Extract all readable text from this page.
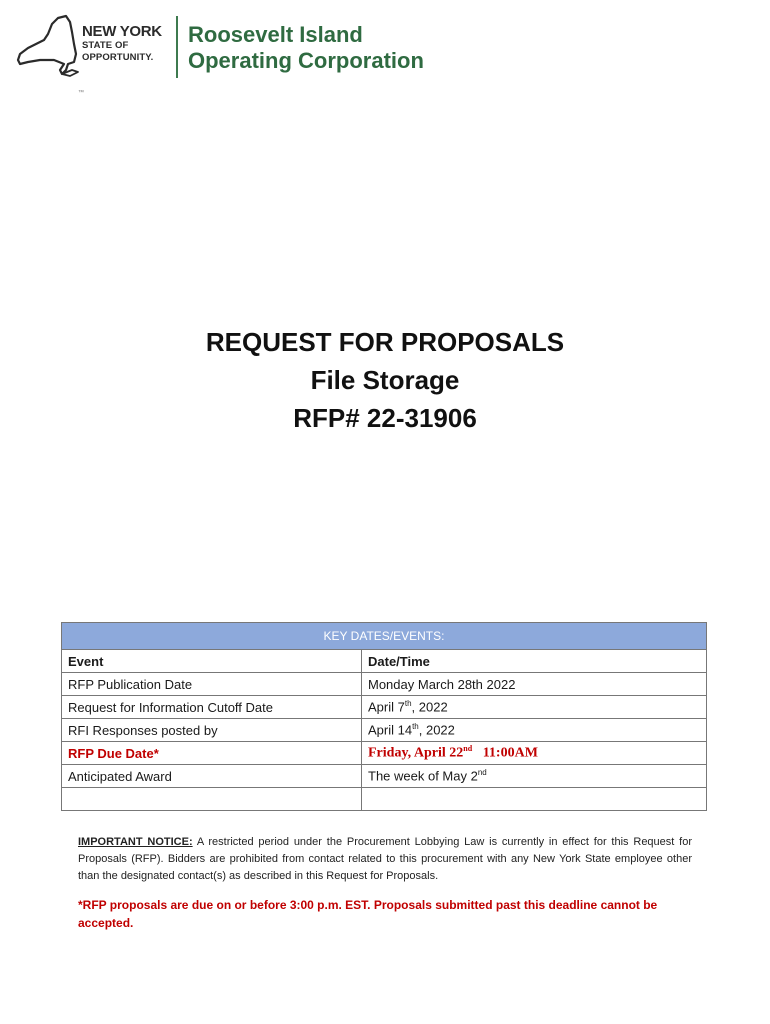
NEW YORK
STATE OF
OPPORTUNITY.
Roosevelt Island
Operating Corporation
™
REQUEST FOR PROPOSALS
File Storage
RFP# 22-31906
KEY DATES/EVENTS:	
Event	Date/Time
RFP Publication Date	Monday March 28th 2022
Request for Information Cutoff Date	April 7th, 2022
RFI Responses posted by	April 14th, 2022
RFP Due Date*	Friday, April 22nd   11:00AM
Anticipated Award	The week of May 2nd

IMPORTANT NOTICE: A restricted period under the Procurement Lobbying Law is currently in effect for this Request for Proposals (RFP). Bidders are prohibited from contact related to this procurement with any New York State employee other than the designated contact(s) as described in this Request for Proposals.
*RFP proposals are due on or before 3:00 p.m. EST. Proposals submitted past this deadline cannot be accepted.
